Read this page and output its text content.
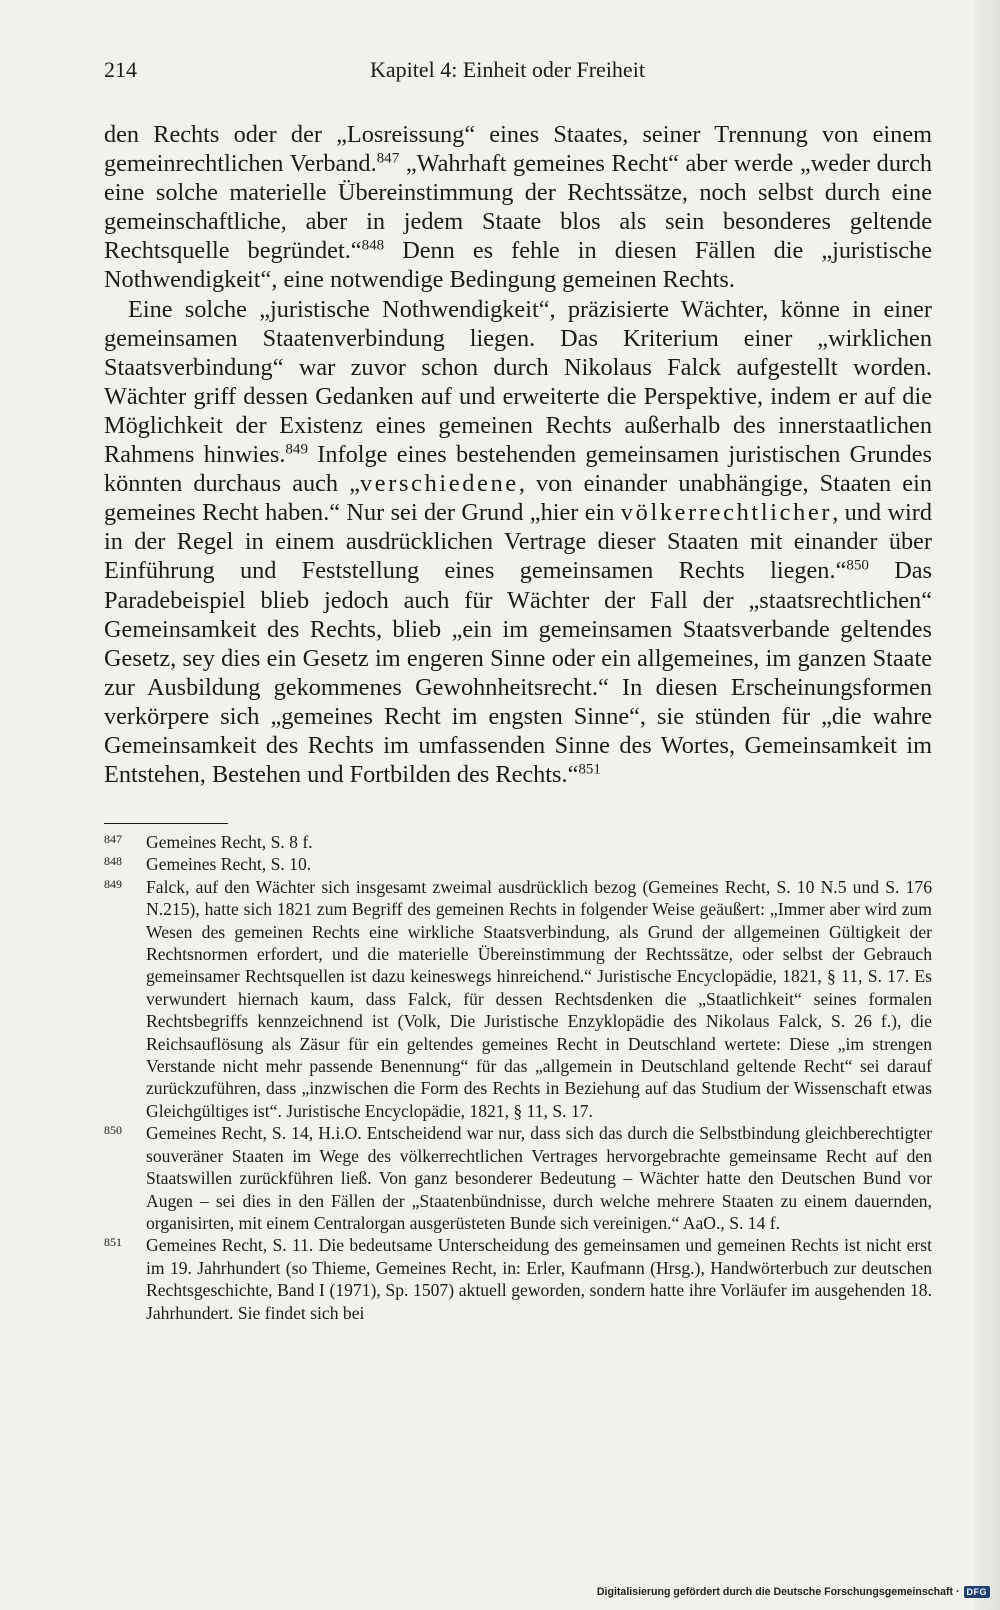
214	Kapitel 4: Einheit oder Freiheit

den Rechts oder der „Losreissung“ eines Staates, seiner Trennung von einem gemeinrechtlichen Verband.$^{847}$ „Wahrhaft gemeines Recht“ aber werde „weder durch eine solche materielle Übereinstimmung der Rechtssätze, noch selbst durch eine gemeinschaftliche, aber in jedem Staate blos als sein besonderes geltende Rechtsquelle begründet.“$^{848}$ Denn es fehle in diesen Fällen die „juristische Nothwendigkeit“, eine notwendige Bedingung gemeinen Rechts.

Eine solche „juristische Nothwendigkeit“, präzisierte Wächter, könne in einer gemeinsamen Staatenverbindung liegen. Das Kriterium einer „wirklichen Staatsverbindung“ war zuvor schon durch Nikolaus Falck aufgestellt worden. Wächter griff dessen Gedanken auf und erweiterte die Perspektive, indem er auf die Möglichkeit der Existenz eines gemeinen Rechts außerhalb des innerstaatlichen Rahmens hinwies.$^{849}$ Infolge eines bestehenden gemeinsamen juristischen Grundes könnten durchaus auch „verschiedene, von einander unabhängige, Staaten ein gemeines Recht haben.“ Nur sei der Grund „hier ein völkerrechtlicher, und wird in der Regel in einem ausdrücklichen Vertrage dieser Staaten mit einander über Einführung und Feststellung eines gemeinsamen Rechts liegen.“$^{850}$ Das Paradebeispiel blieb jedoch auch für Wächter der Fall der „staatsrechtlichen“ Gemeinsamkeit des Rechts, blieb „ein im gemeinsamen Staatsverbande geltendes Gesetz, sey dies ein Gesetz im engeren Sinne oder ein allgemeines, im ganzen Staate zur Ausbildung gekommenes Gewohnheitsrecht.“ In diesen Erscheinungsformen verkörpere sich „gemeines Recht im engsten Sinne“, sie stünden für „die wahre Gemeinsamkeit des Rechts im umfassenden Sinne des Wortes, Gemeinsamkeit im Entstehen, Bestehen und Fortbilden des Rechts.“$^{851}$

847 Gemeines Recht, S. 8 f.
848 Gemeines Recht, S. 10.
849 Falck, auf den Wächter sich insgesamt zweimal ausdrücklich bezog (Gemeines Recht, S. 10 N.5 und S. 176 N.215), hatte sich 1821 zum Begriff des gemeinen Rechts in folgender Weise geäußert: „Immer aber wird zum Wesen des gemeinen Rechts eine wirkliche Staatsverbindung, als Grund der allgemeinen Gültigkeit der Rechtsnormen erfordert, und die materielle Übereinstimmung der Rechtssätze, oder selbst der Gebrauch gemeinsamer Rechtsquellen ist dazu keineswegs hinreichend.“ Juristische Encyclopädie, 1821, § 11, S. 17. Es verwundert hiernach kaum, dass Falck, für dessen Rechtsdenken die „Staatlichkeit“ seines formalen Rechtsbegriffs kennzeichnend ist (Volk, Die Juristische Enzyklopädie des Nikolaus Falck, S. 26 f.), die Reichsauflösung als Zäsur für ein geltendes gemeines Recht in Deutschland wertete: Diese „im strengen Verstande nicht mehr passende Benennung“ für das „allgemein in Deutschland geltende Recht“ sei darauf zurückzuführen, dass „inzwischen die Form des Rechts in Beziehung auf das Studium der Wissenschaft etwas Gleichgültiges ist“. Juristische Encyclopädie, 1821, § 11, S. 17.
850 Gemeines Recht, S. 14, H.i.O. Entscheidend war nur, dass sich das durch die Selbstbindung gleichberechtigter souveräner Staaten im Wege des völkerrechtlichen Vertrages hervorgebrachte gemeinsame Recht auf den Staatswillen zurückführen ließ. Von ganz besonderer Bedeutung – Wächter hatte den Deutschen Bund vor Augen – sei dies in den Fällen der „Staatenbündnisse, durch welche mehrere Staaten zu einem dauernden, organisirten, mit einem Centralorgan ausgerüsteten Bunde sich vereinigen.“ AaO., S. 14 f.
851 Gemeines Recht, S. 11. Die bedeutsame Unterscheidung des gemeinsamen und gemeinen Rechts ist nicht erst im 19. Jahrhundert (so Thieme, Gemeines Recht, in: Erler, Kaufmann (Hrsg.), Handwörterbuch zur deutschen Rechtsgeschichte, Band I (1971), Sp. 1507) aktuell geworden, sondern hatte ihre Vorläufer im ausgehenden 18. Jahrhundert. Sie findet sich bei
Digitalisierung gefördert durch die Deutsche Forschungsgemeinschaft · DFG
